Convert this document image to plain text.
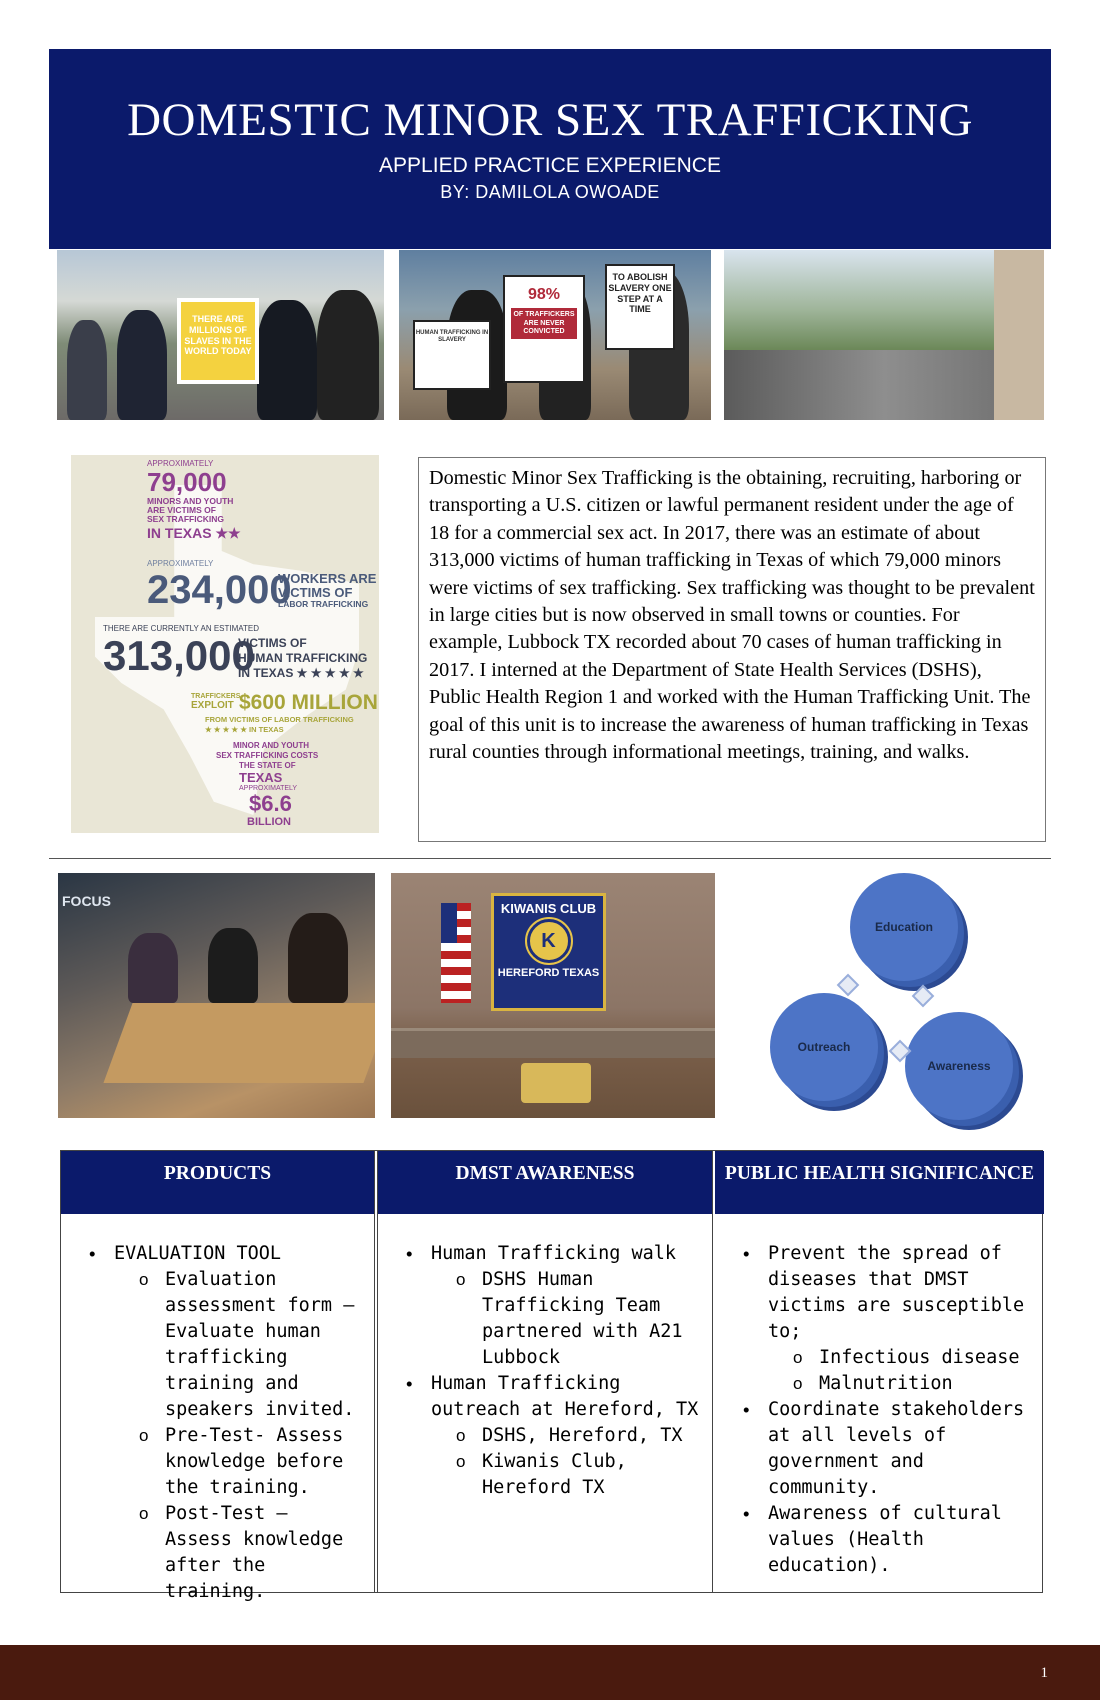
DOMESTIC MINOR SEX TRAFFICKING
APPLIED PRACTICE EXPERIENCE
BY: DAMILOLA OWOADE
THERE ARE MILLIONS OF SLAVES IN THE WORLD TODAY
HUMAN TRAFFICKING IN SLAVERY
98%
OF TRAFFICKERS ARE NEVER CONVICTED
TO ABOLISH SLAVERY ONE STEP AT A TIME
APPROXIMATELY
79,000
MINORS AND YOUTH
ARE VICTIMS OF
SEX TRAFFICKING
IN TEXAS ★★
APPROXIMATELY
234,000
WORKERS ARE
VICTIMS OF
LABOR TRAFFICKING
THERE ARE CURRENTLY AN ESTIMATED
313,000
VICTIMS OF
HUMAN TRAFFICKING
IN TEXAS ★ ★ ★ ★ ★
TRAFFICKERS
EXPLOIT $600 MILLION
FROM VICTIMS OF LABOR TRAFFICKING
★ ★ ★ ★ ★ IN TEXAS
MINOR AND YOUTH
SEX TRAFFICKING COSTS
THE STATE OF
TEXAS
APPROXIMATELY
$6.6
BILLION
Domestic Minor Sex Trafficking is the obtaining, recruiting, harboring or transporting a U.S. citizen or lawful permanent resident under the age of 18 for a commercial sex act. In 2017, there was an estimate of about 313,000 victims of human trafficking in Texas of which 79,000 minors were victims of sex trafficking. Sex trafficking was thought to be prevalent in large cities but is now observed in small towns or counties. For example, Lubbock TX recorded about 70 cases of human trafficking in 2017. I interned at the Department of State Health Services (DSHS), Public Health Region 1 and worked with the Human Trafficking Unit. The goal of this unit is to increase the awareness of human trafficking in Texas rural counties through informational meetings, training, and walks.
FOCUS	KIWANIS CLUB
K
HEREFORD TEXAS
Education
Outreach
Awareness
PRODUCTS
• EVALUATION TOOL
o Evaluation assessment form – Evaluate human trafficking training and speakers invited.
o Pre-Test- Assess knowledge before the training.
o Post-Test – Assess knowledge after the training.
DMST AWARENESS
• Human Trafficking walk
o DSHS Human Trafficking Team partnered with A21 Lubbock
• Human Trafficking outreach at Hereford, TX
o DSHS, Hereford, TX
o Kiwanis Club, Hereford TX
PUBLIC HEALTH SIGNIFICANCE
• Prevent the spread of diseases that DMST victims are susceptible to;
o Infectious disease
o Malnutrition
• Coordinate stakeholders at all levels of government and community.
• Awareness of cultural values (Health education).
1
